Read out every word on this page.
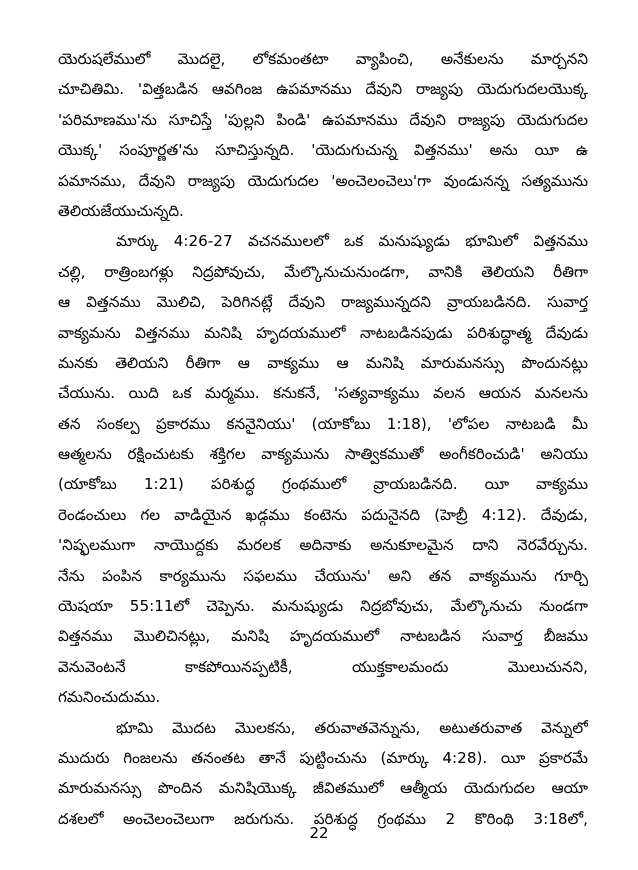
యెరుషలేములో మొదలై, లోకమంతటా వ్యాపించి, అనేకులను మార్చనని
చూచితిమి. 'విత్తబడిన ఆవగింజ ఉపమానము దేవుని రాజ్యపు యెదుగుదలయొక్క
'పరిమాణము'ను సూచిస్తే 'పుల్లని పిండి' ఉపమానము దేవుని రాజ్యపు యెదుగుదల
యొక్క' సంపూర్ణత'ను సూచిస్తున్నది. 'యెదుగుచున్న విత్తనము' అను యీ ఉ
పమానము, దేవుని రాజ్యపు యెదుగుదల 'అంచెలంచెలు'గా వుండునన్న సత్యమును
తెలియజేయుచున్నది.
మార్కు 4:26-27 వచనములలో ఒక మనుష్యుడు భూమిలో విత్తనము
చల్లి, రాత్రింబగళ్లు నిద్రపోవుచు, మేల్కొనుచునుండగా, వానికి తెలియని రీతిగా
ఆ విత్తనము మొలిచి, పెరిగినట్లే దేవుని రాజ్యమున్నదని వ్రాయబడినది. సువార్త
వాక్యమను విత్తనము మనిషి హృదయములో నాటబడినపుడు పరిశుద్ధాత్మ దేవుడు
మనకు తెలియని రీతిగా ఆ వాక్యము ఆ మనిషి మారుమనస్సు పొందునట్లు
చేయును. యిది ఒక మర్మము. కనుకనే, 'సత్యవాక్యము వలన ఆయన మనలను
తన సంకల్ప ప్రకారము కననైనియు' (యాకోబు 1:18), 'లోపల నాటబడి మీ
ఆత్మలను రక్షించుటకు శక్తిగల వాక్యమును సాత్వికముతో అంగీకరించుడి' అనియు
(యాకోబు 1:21) పరిశుద్ధ గ్రంథములో వ్రాయబడినది. యీ వాక్యము
రెండంచులు గల వాడియైన ఖడ్గము కంటెను పదునైనది (హెబ్రీ 4:12). దేవుడు,
'నిష్ఫలముగా నాయొద్దకు మరలక అదినాకు అనుకూలమైన దాని నెరవేర్చును.
నేను పంపిన కార్యమును సఫలము చేయును' అని తన వాక్యమును గూర్చి
యెషయా 55:11లో చెప్పెను. మనుష్యుడు నిద్రబోవుచు, మేల్కొనుచు నుండగా
విత్తనము మొలిచినట్లు, మనిషి హృదయములో నాటబడిన సువార్త బీజము
వెనువెంటనే కాకపోయినప్పటికీ, యుక్తకాలమందు మొలుచునని,
గమనించుదుము.
భూమి మొదట మొలకను, తరువాతవెన్నును, అటుతరువాత వెన్నులో
ముదురు గింజలను తనంతట తానే పుట్టించును (మార్కు 4:28). యీ ప్రకారమే
మారుమనస్సు పొందిన మనిషియొక్క జీవితములో ఆత్మీయ యెదుగుదల ఆయా
దశలలో అంచెలంచెలుగా జరుగును. పరిశుద్ధ గ్రంథము 2 కొరింథి 3:18లో,
22
